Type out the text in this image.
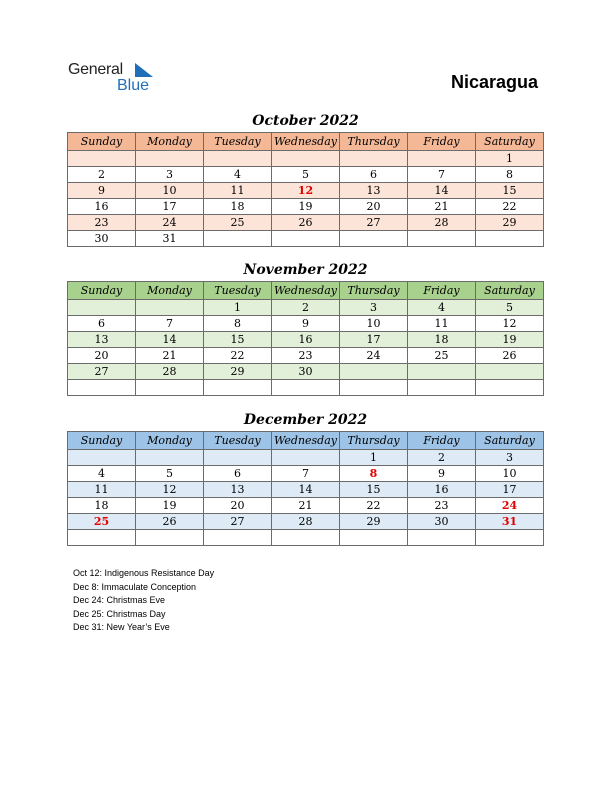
General
Blue	Nicaragua
October 2022
Sunday	Monday	Tuesday	Wednesday	Thursday	Friday	Saturday
						1
2	3	4	5	6	7	8
9	10	11	12	13	14	15
16	17	18	19	20	21	22
23	24	25	26	27	28	29
30	31					
November 2022
Sunday	Monday	Tuesday	Wednesday	Thursday	Friday	Saturday
		1	2	3	4	5
6	7	8	9	10	11	12
13	14	15	16	17	18	19
20	21	22	23	24	25	26
27	28	29	30			

December 2022
Sunday	Monday	Tuesday	Wednesday	Thursday	Friday	Saturday
				1	2	3
4	5	6	7	8	9	10
11	12	13	14	15	16	17
18	19	20	21	22	23	24
25	26	27	28	29	30	31

Oct 12: Indigenous Resistance Day
Dec 8: Immaculate Conception
Dec 24: Christmas Eve
Dec 25: Christmas Day
Dec 31: New Year’s Eve
